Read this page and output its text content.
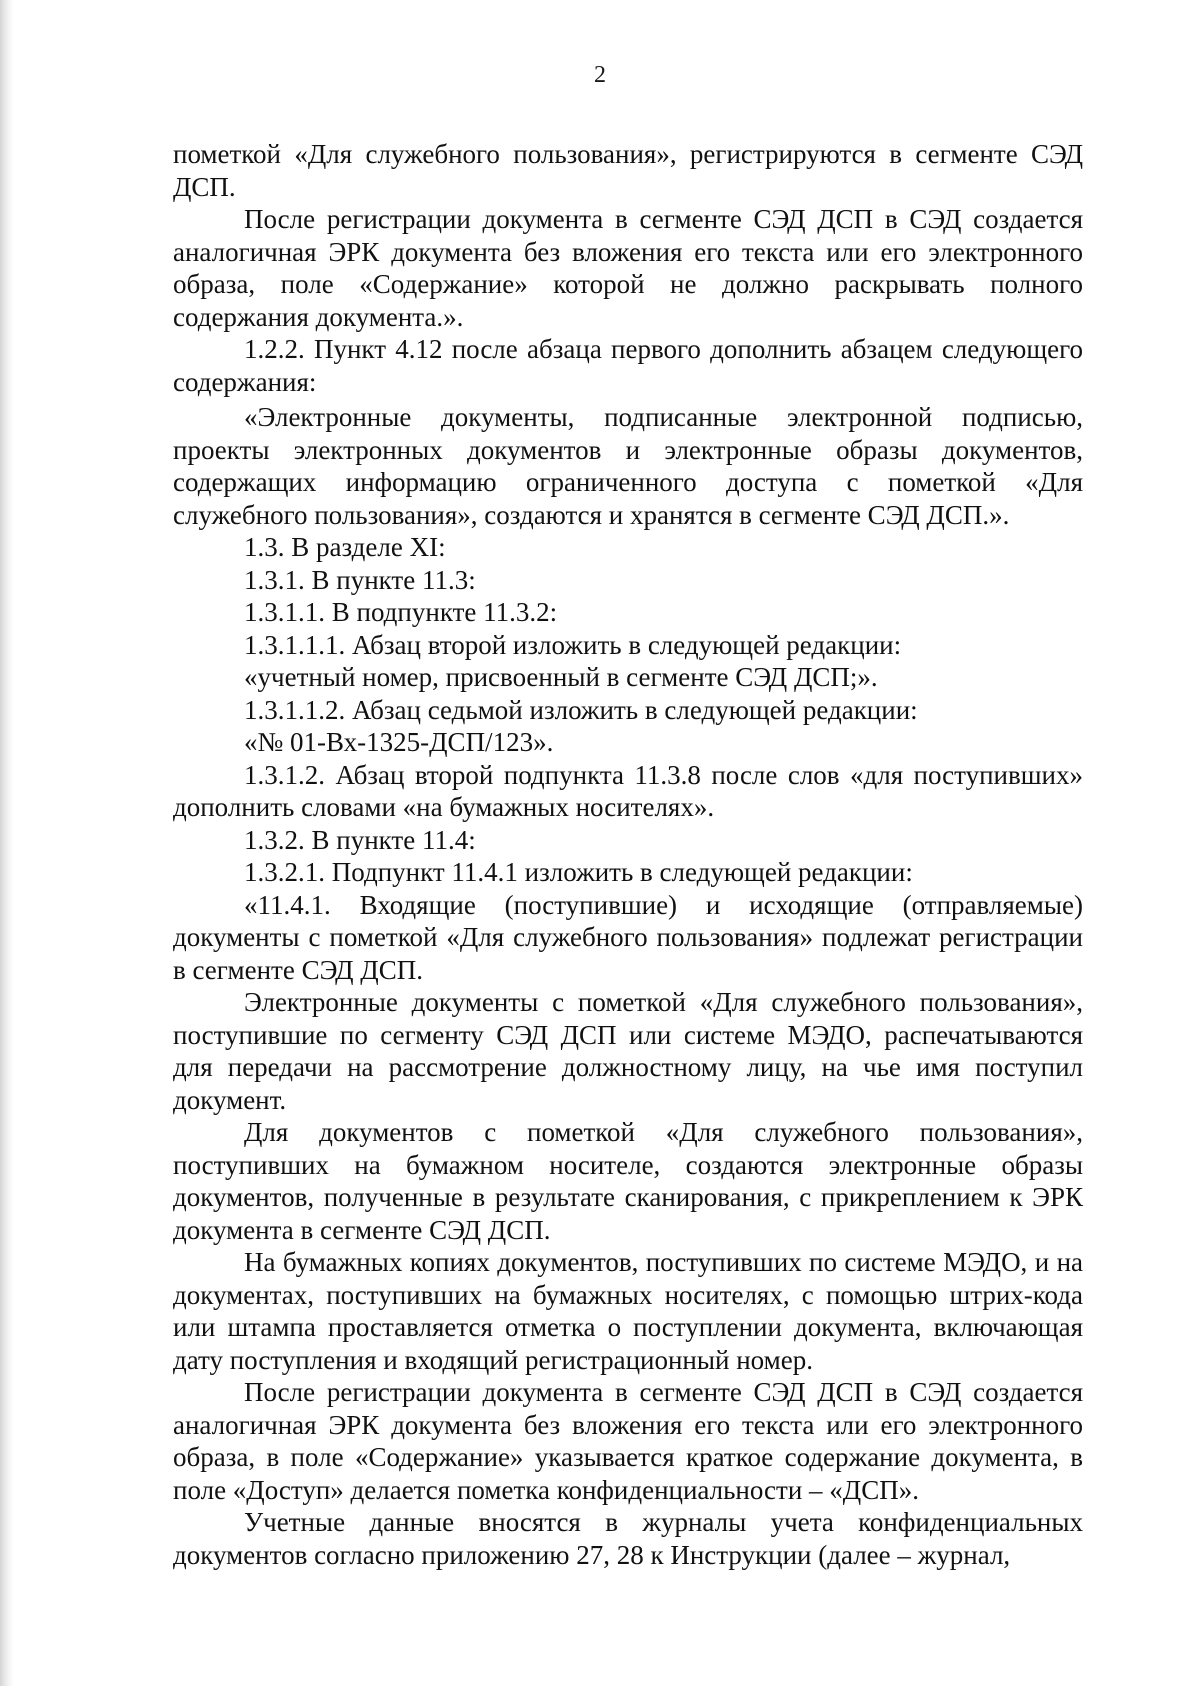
2

пометкой «Для служебного пользования», регистрируются в сегменте СЭД ДСП.

После регистрации документа в сегменте СЭД ДСП в СЭД создается аналогичная ЭРК документа без вложения его текста или его электронного образа, поле «Содержание» которой не должно раскрывать полного содержания документа.».

1.2.2. Пункт 4.12 после абзаца первого дополнить абзацем следующего содержания:

«Электронные документы, подписанные электронной подписью, проекты электронных документов и электронные образы документов, содержащих информацию ограниченного доступа с пометкой «Для служебного пользования», создаются и хранятся в сегменте СЭД ДСП.».

1.3. В разделе XI:

1.3.1. В пункте 11.3:

1.3.1.1. В подпункте 11.3.2:

1.3.1.1.1. Абзац второй изложить в следующей редакции:

«учетный номер, присвоенный в сегменте СЭД ДСП;».

1.3.1.1.2. Абзац седьмой изложить в следующей редакции:

«№ 01-Вх-1325-ДСП/123».

1.3.1.2. Абзац второй подпункта 11.3.8 после слов «для поступивших» дополнить словами «на бумажных носителях».

1.3.2. В пункте 11.4:

1.3.2.1. Подпункт 11.4.1 изложить в следующей редакции:

«11.4.1. Входящие (поступившие) и исходящие (отправляемые) документы с пометкой «Для служебного пользования» подлежат регистрации в сегменте СЭД ДСП.

Электронные документы с пометкой «Для служебного пользования», поступившие по сегменту СЭД ДСП или системе МЭДО, распечатываются для передачи на рассмотрение должностному лицу, на чье имя поступил документ.

Для документов с пометкой «Для служебного пользования», поступивших на бумажном носителе, создаются электронные образы документов, полученные в результате сканирования, с прикреплением к ЭРК документа в сегменте СЭД ДСП.

На бумажных копиях документов, поступивших по системе МЭДО, и на документах, поступивших на бумажных носителях, с помощью штрих-кода или штампа проставляется отметка о поступлении документа, включающая дату поступления и входящий регистрационный номер.

После регистрации документа в сегменте СЭД ДСП в СЭД создается аналогичная ЭРК документа без вложения его текста или его электронного образа, в поле «Содержание» указывается краткое содержание документа, в поле «Доступ» делается пометка конфиденциальности – «ДСП».

Учетные данные вносятся в журналы учета конфиденциальных документов согласно приложению 27, 28 к Инструкции (далее – журнал,
